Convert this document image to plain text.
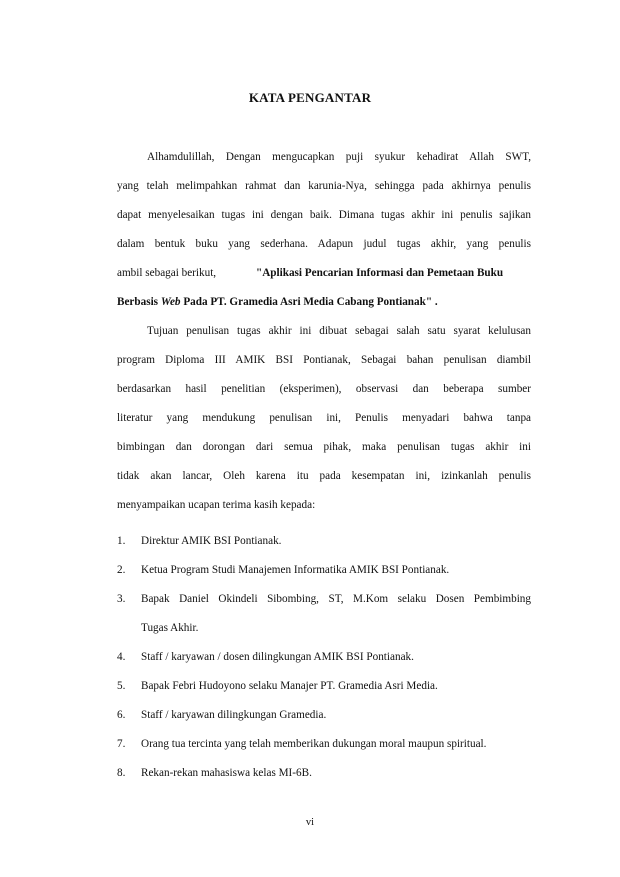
KATA PENGANTAR
Alhamdulillah, Dengan mengucapkan puji syukur kehadirat Allah SWT,
yang telah melimpahkan rahmat dan karunia-Nya, sehingga pada akhirnya penulis
dapat menyelesaikan tugas ini dengan baik. Dimana tugas akhir ini penulis sajikan
dalam bentuk buku yang sederhana. Adapun judul tugas akhir, yang penulis
ambil sebagai berikut,	"Aplikasi Pencarian Informasi dan Pemetaan Buku
Berbasis Web Pada PT. Gramedia Asri Media Cabang Pontianak" .
Tujuan penulisan tugas akhir ini dibuat sebagai salah satu syarat kelulusan
program Diploma III AMIK BSI Pontianak, Sebagai bahan penulisan diambil
berdasarkan hasil penelitian (eksperimen), observasi dan beberapa sumber
literatur yang mendukung penulisan ini, Penulis menyadari bahwa tanpa
bimbingan dan dorongan dari semua pihak, maka penulisan tugas akhir ini
tidak akan lancar, Oleh karena itu pada kesempatan ini, izinkanlah penulis
menyampaikan ucapan terima kasih kepada:
1.	Direktur AMIK BSI Pontianak.
2.	Ketua Program Studi Manajemen Informatika AMIK BSI Pontianak.
3.	Bapak Daniel Okindeli Sibombing, ST, M.Kom selaku Dosen Pembimbing
Tugas Akhir.
4.	Staff / karyawan / dosen dilingkungan AMIK BSI Pontianak.
5.	Bapak Febri Hudoyono selaku Manajer PT. Gramedia Asri Media.
6.	Staff / karyawan dilingkungan Gramedia.
7.	Orang tua tercinta yang telah memberikan dukungan moral maupun spiritual.
8.	Rekan-rekan mahasiswa kelas MI-6B.
vi
